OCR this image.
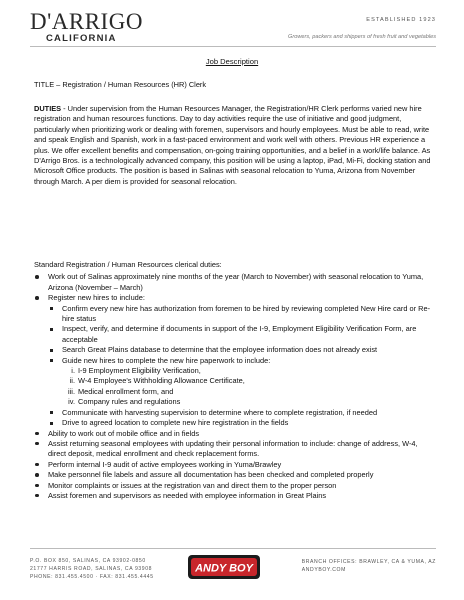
D'ARRIGO
CALIFORNIA
ESTABLISHED 1923
Growers, packers and shippers of fresh fruit and vegetables
Job Description

TITLE – Registration / Human Resources (HR) Clerk

DUTIES - Under supervision from the Human Resources Manager, the Registration/HR Clerk performs varied new hire registration and human resources functions. Day to day activities require the use of initiative and good judgment, particularly when prioritizing work or dealing with foremen, supervisors and hourly employees. Must be able to read, write and speak English and Spanish, work in a fast-paced environment and work well with others. Previous HR experience a plus. We offer excellent benefits and compensation, on-going training opportunities, and a belief in a work/life balance. As D'Arrigo Bros. is a technologically advanced company, this position will be using a laptop, iPad, Mi-Fi, docking station and Microsoft Office products. The position is based in Salinas with seasonal relocation to Yuma, Arizona from November through March. A per diem is provided for seasonal relocation.

Standard Registration / Human Resources clerical duties:

Work out of Salinas approximately nine months of the year (March to November) with seasonal relocation to Yuma, Arizona (November – March)
Register new hires to include:
Confirm every new hire has authorization from foremen to be hired by reviewing completed New Hire card or Re-hire status
Inspect, verify, and determine if documents in support of the I-9, Employment Eligibility Verification Form, are acceptable
Search Great Plains database to determine that the employee information does not already exist
Guide new hires to complete the new hire paperwork to include:
i. I-9 Employment Eligibility Verification,
ii. W-4 Employee's Withholding Allowance Certificate,
iii. Medical enrollment form, and
iv. Company rules and regulations
Communicate with harvesting supervision to determine where to complete registration, if needed
Drive to agreed location to complete new hire registration in the fields
Ability to work out of mobile office and in fields
Assist returning seasonal employees with updating their personal information to include: change of address, W-4, direct deposit, medical enrollment and check replacement forms.
Perform internal I-9 audit of active employees working in Yuma/Brawley
Make personnel file labels and assure all documentation has been checked and completed properly
Monitor complaints or issues at the registration van and direct them to the proper person
Assist foremen and supervisors as needed with employee information in Great Plains
P.O. BOX 850, SALINAS, CA 93902-0850
21777 HARRIS ROAD, SALINAS, CA 93908
PHONE: 831.455.4500 · FAX: 831.455.4445
ANDY BOY
BRANCH OFFICES: BRAWLEY, CA & YUMA, AZ
ANDYBOY.COM
